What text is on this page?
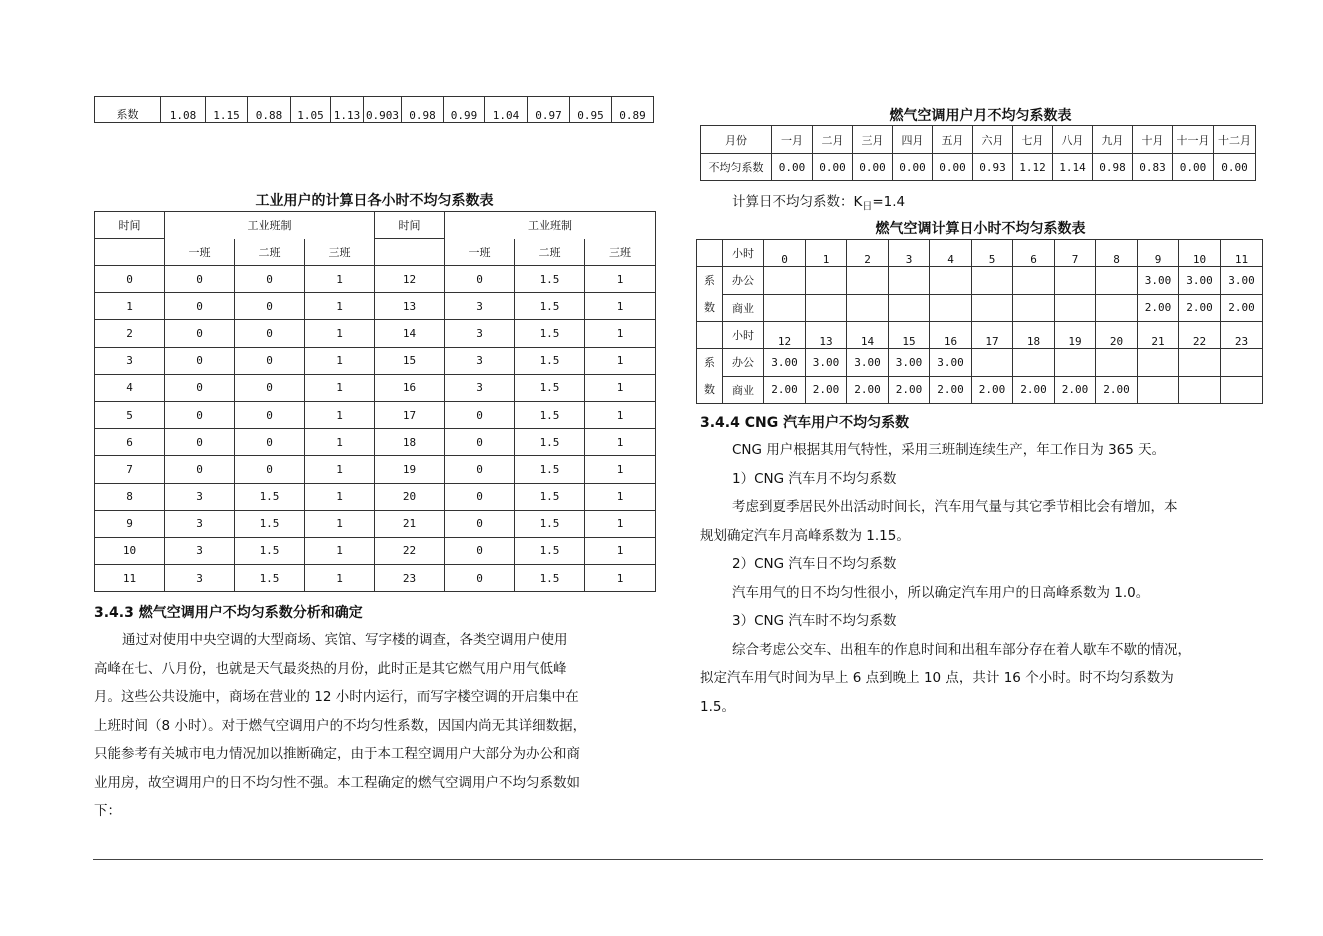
系数	1.08	1.15	0.88	1.05	1.13	0.903	0.98	0.99	1.04	0.97	0.95	0.89
工业用户的计算日各小时不均匀系数表
时间	工业班制			时间	工业班制		
	一班	二班	三班		一班	二班	三班
0	0	0	1	12	0	1.5	1
1	0	0	1	13	3	1.5	1
2	0	0	1	14	3	1.5	1
3	0	0	1	15	3	1.5	1
4	0	0	1	16	3	1.5	1
5	0	0	1	17	0	1.5	1
6	0	0	1	18	0	1.5	1
7	0	0	1	19	0	1.5	1
8	3	1.5	1	20	0	1.5	1
9	3	1.5	1	21	0	1.5	1
10	3	1.5	1	22	0	1.5	1
11	3	1.5	1	23	0	1.5	1
3.4.3 燃气空调用户不均匀系数分析和确定
通过对使用中央空调的大型商场、宾馆、写字楼的调查，各类空调用户使用
高峰在七、八月份，也就是天气最炎热的月份，此时正是其它燃气用户用气低峰
月。这些公共设施中，商场在营业的 12 小时内运行，而写字楼空调的开启集中在
上班时间（8 小时）。对于燃气空调用户的不均匀性系数，因国内尚无其详细数据，
只能参考有关城市电力情况加以推断确定，由于本工程空调用户大部分为办公和商
业用房，故空调用户的日不均匀性不强。本工程确定的燃气空调用户不均匀系数如
下：
燃气空调用户月不均匀系数表
月份	一月	二月	三月	四月	五月	六月	七月	八月	九月	十月	十一月	十二月
不均匀系数	0.00	0.00	0.00	0.00	0.00	0.93	1.12	1.14	0.98	0.83	0.00	0.00
计算日不均匀系数：$K_日=1.4$
燃气空调计算日小时不均匀系数表
	小时	0	1	2	3	4	5	6	7	8	9	10	11

系数	办公										3.00	3.00	3.00
	商业										2.00	2.00	2.00
	小时	12	13	14	15	16	17	18	19	20	21	22	23

系数	办公	3.00	3.00	3.00	3.00	3.00							
	商业	2.00	2.00	2.00	2.00	2.00	2.00	2.00	2.00	2.00			
3.4.4 CNG 汽车用户不均匀系数
CNG 用户根据其用气特性，采用三班制连续生产，年工作日为 365 天。
1）CNG 汽车月不均匀系数
考虑到夏季居民外出活动时间长，汽车用气量与其它季节相比会有增加，本
规划确定汽车月高峰系数为 1.15。
2）CNG 汽车日不均匀系数
汽车用气的日不均匀性很小，所以确定汽车用户的日高峰系数为 1.0。
3）CNG 汽车时不均匀系数
综合考虑公交车、出租车的作息时间和出租车部分存在着人歇车不歇的情况，
拟定汽车用气时间为早上 6 点到晚上 10 点，共计 16 个小时。时不均匀系数为
1.5。
